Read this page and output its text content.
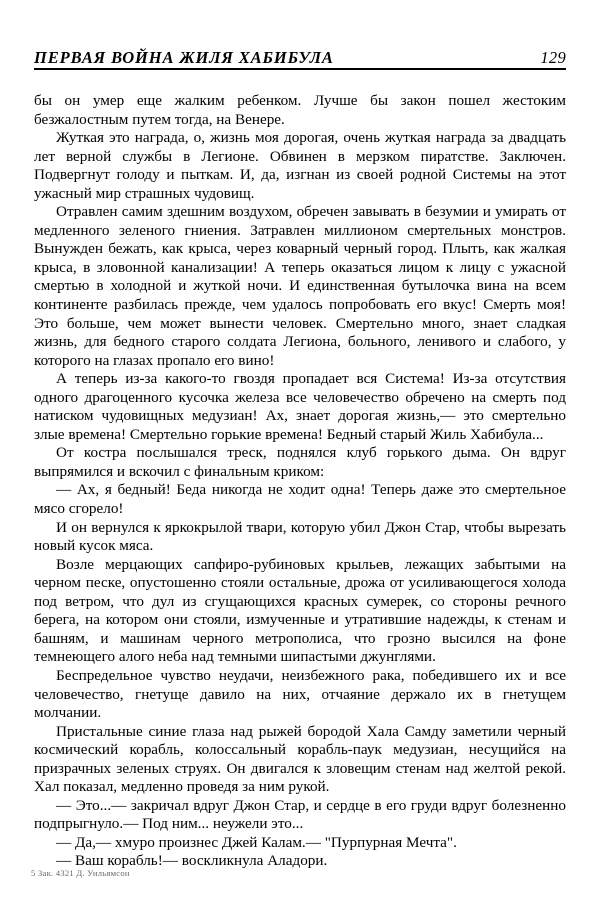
ПЕРВАЯ ВОЙНА ЖИЛЯ ХАБИБУЛА	129

бы он умер еще жалким ребенком. Лучше бы закон пошел жестоким безжалостным путем тогда, на Венере.

Жуткая это награда, о, жизнь моя дорогая, очень жуткая награда за двадцать лет верной службы в Легионе. Обвинен в мерзком пиратстве. Заключен. Подвергнут голоду и пыткам. И, да, изгнан из своей родной Системы на этот ужасный мир страшных чудовищ.

Отравлен самим здешним воздухом, обречен завывать в безумии и умирать от медленного зеленого гниения. Затравлен миллионом смертельных монстров. Вынужден бежать, как крыса, через коварный черный город. Плыть, как жалкая крыса, в зловонной канализации! А теперь оказаться лицом к лицу с ужасной смертью в холодной и жуткой ночи. И единственная бутылочка вина на всем континенте разбилась прежде, чем удалось попробовать его вкус! Смерть моя! Это больше, чем может вынести человек. Смертельно много, знает сладкая жизнь, для бедного старого солдата Легиона, больного, ленивого и слабого, у которого на глазах пропало его вино!

А теперь из-за какого-то гвоздя пропадает вся Система! Из-за отсутствия одного драгоценного кусочка железа все человечество обречено на смерть под натиском чудовищных медузиан! Ах, знает дорогая жизнь,— это смертельно злые времена! Смертельно горькие времена! Бедный старый Жиль Хабибула...

От костра послышался треск, поднялся клуб горького дыма. Он вдруг выпрямился и вскочил с финальным криком:

— Ах, я бедный! Беда никогда не ходит одна! Теперь даже это смертельное мясо сгорело!

И он вернулся к яркокрылой твари, которую убил Джон Стар, чтобы вырезать новый кусок мяса.

Возле мерцающих сапфиро-рубиновых крыльев, лежащих забытыми на черном песке, опустошенно стояли остальные, дрожа от усиливающегося холода под ветром, что дул из сгущающихся красных сумерек, со стороны речного берега, на котором они стояли, измученные и утратившие надежды, к стенам и башням, и машинам черного метрополиса, что грозно высился на фоне темнеющего алого неба над темными шипастыми джунглями.

Беспредельное чувство неудачи, неизбежного рака, победившего их и все человечество, гнетуще давило на них, отчаяние держало их в гнетущем молчании.

Пристальные синие глаза над рыжей бородой Хала Самду заметили черный космический корабль, колоссальный корабль-паук медузиан, несущийся на призрачных зеленых струях. Он двигался к зловещим стенам над желтой рекой. Хал показал, медленно проведя за ним рукой.

— Это...— закричал вдруг Джон Стар, и сердце в его груди вдруг болезненно подпрыгнуло.— Под ним... неужели это...

— Да,— хмуро произнес Джей Калам.— "Пурпурная Мечта".

— Ваш корабль!— воскликнула Аладори.

5 Зак. 4321 Д. Уильямсон
